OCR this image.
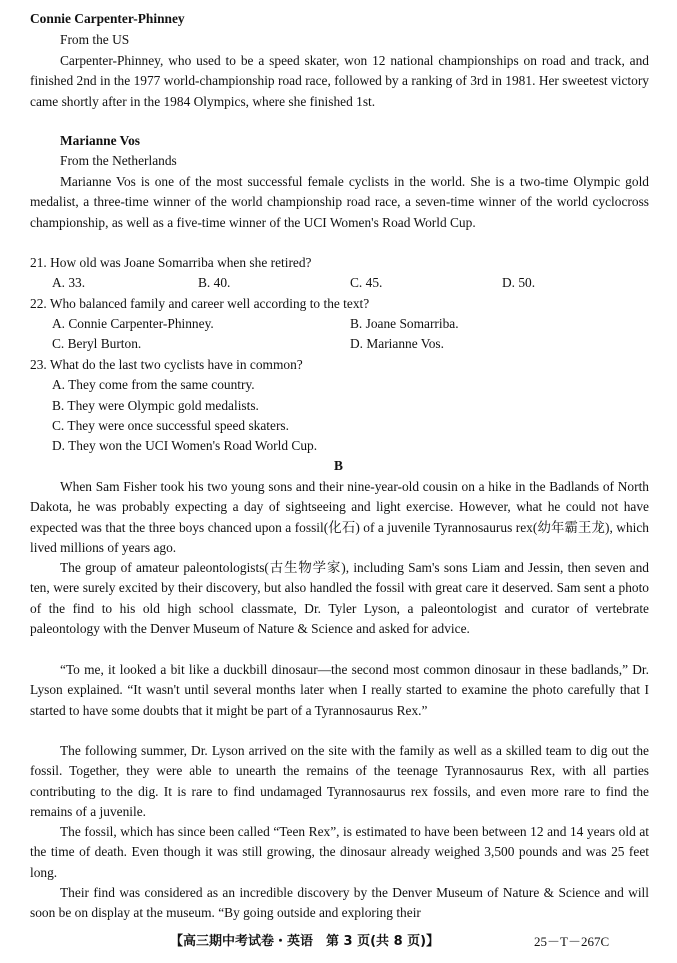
Connie Carpenter-Phinney

From the US

Carpenter-Phinney, who used to be a speed skater, won 12 national championships on road and track, and finished 2nd in the 1977 world-championship road race, followed by a ranking of 3rd in 1981. Her sweetest victory came shortly after in the 1984 Olympics, where she finished 1st.

Marianne Vos

From the Netherlands

Marianne Vos is one of the most successful female cyclists in the world. She is a two-time Olympic gold medalist, a three-time winner of the world championship road race, a seven-time winner of the world cyclocross championship, as well as a five-time winner of the UCI Women's Road World Cup.

21. How old was Joane Somarriba when she retired?

A. 33.	B. 40.	C. 45.	D. 50.

22. Who balanced family and career well according to the text?

A. Connie Carpenter-Phinney.	B. Joane Somarriba.

C. Beryl Burton.	D. Marianne Vos.

23. What do the last two cyclists have in common?

A. They come from the same country.

B. They were Olympic gold medalists.

C. They were once successful speed skaters.

D. They won the UCI Women's Road World Cup.

B

When Sam Fisher took his two young sons and their nine-year-old cousin on a hike in the Badlands of North Dakota, he was probably expecting a day of sightseeing and light exercise. However, what he could not have expected was that the three boys chanced upon a fossil(化石) of a juvenile Tyrannosaurus rex(幼年霸王龙), which lived millions of years ago.

The group of amateur paleontologists(古生物学家), including Sam's sons Liam and Jessin, then seven and ten, were surely excited by their discovery, but also handled the fossil with great care it deserved. Sam sent a photo of the find to his old high school classmate, Dr. Tyler Lyson, a paleontologist and curator of vertebrate paleontology with the Denver Museum of Nature & Science and asked for advice.

“To me, it looked a bit like a duckbill dinosaur—the second most common dinosaur in these badlands,” Dr. Lyson explained. “It wasn't until several months later when I really started to examine the photo carefully that I started to have some doubts that it might be part of a Tyrannosaurus Rex.”

The following summer, Dr. Lyson arrived on the site with the family as well as a skilled team to dig out the fossil. Together, they were able to unearth the remains of the teenage Tyrannosaurus Rex, with all parties contributing to the dig. It is rare to find undamaged Tyrannosaurus rex fossils, and even more rare to find the remains of a juvenile.

The fossil, which has since been called “Teen Rex”, is estimated to have been between 12 and 14 years old at the time of death. Even though it was still growing, the dinosaur already weighed 3,500 pounds and was 25 feet long.

Their find was considered as an incredible discovery by the Denver Museum of Nature & Science and will soon be on display at the museum. “By going outside and exploring their

【高三期中考试卷・英语　第 3 页(共 8 页)】	25－T－267C
